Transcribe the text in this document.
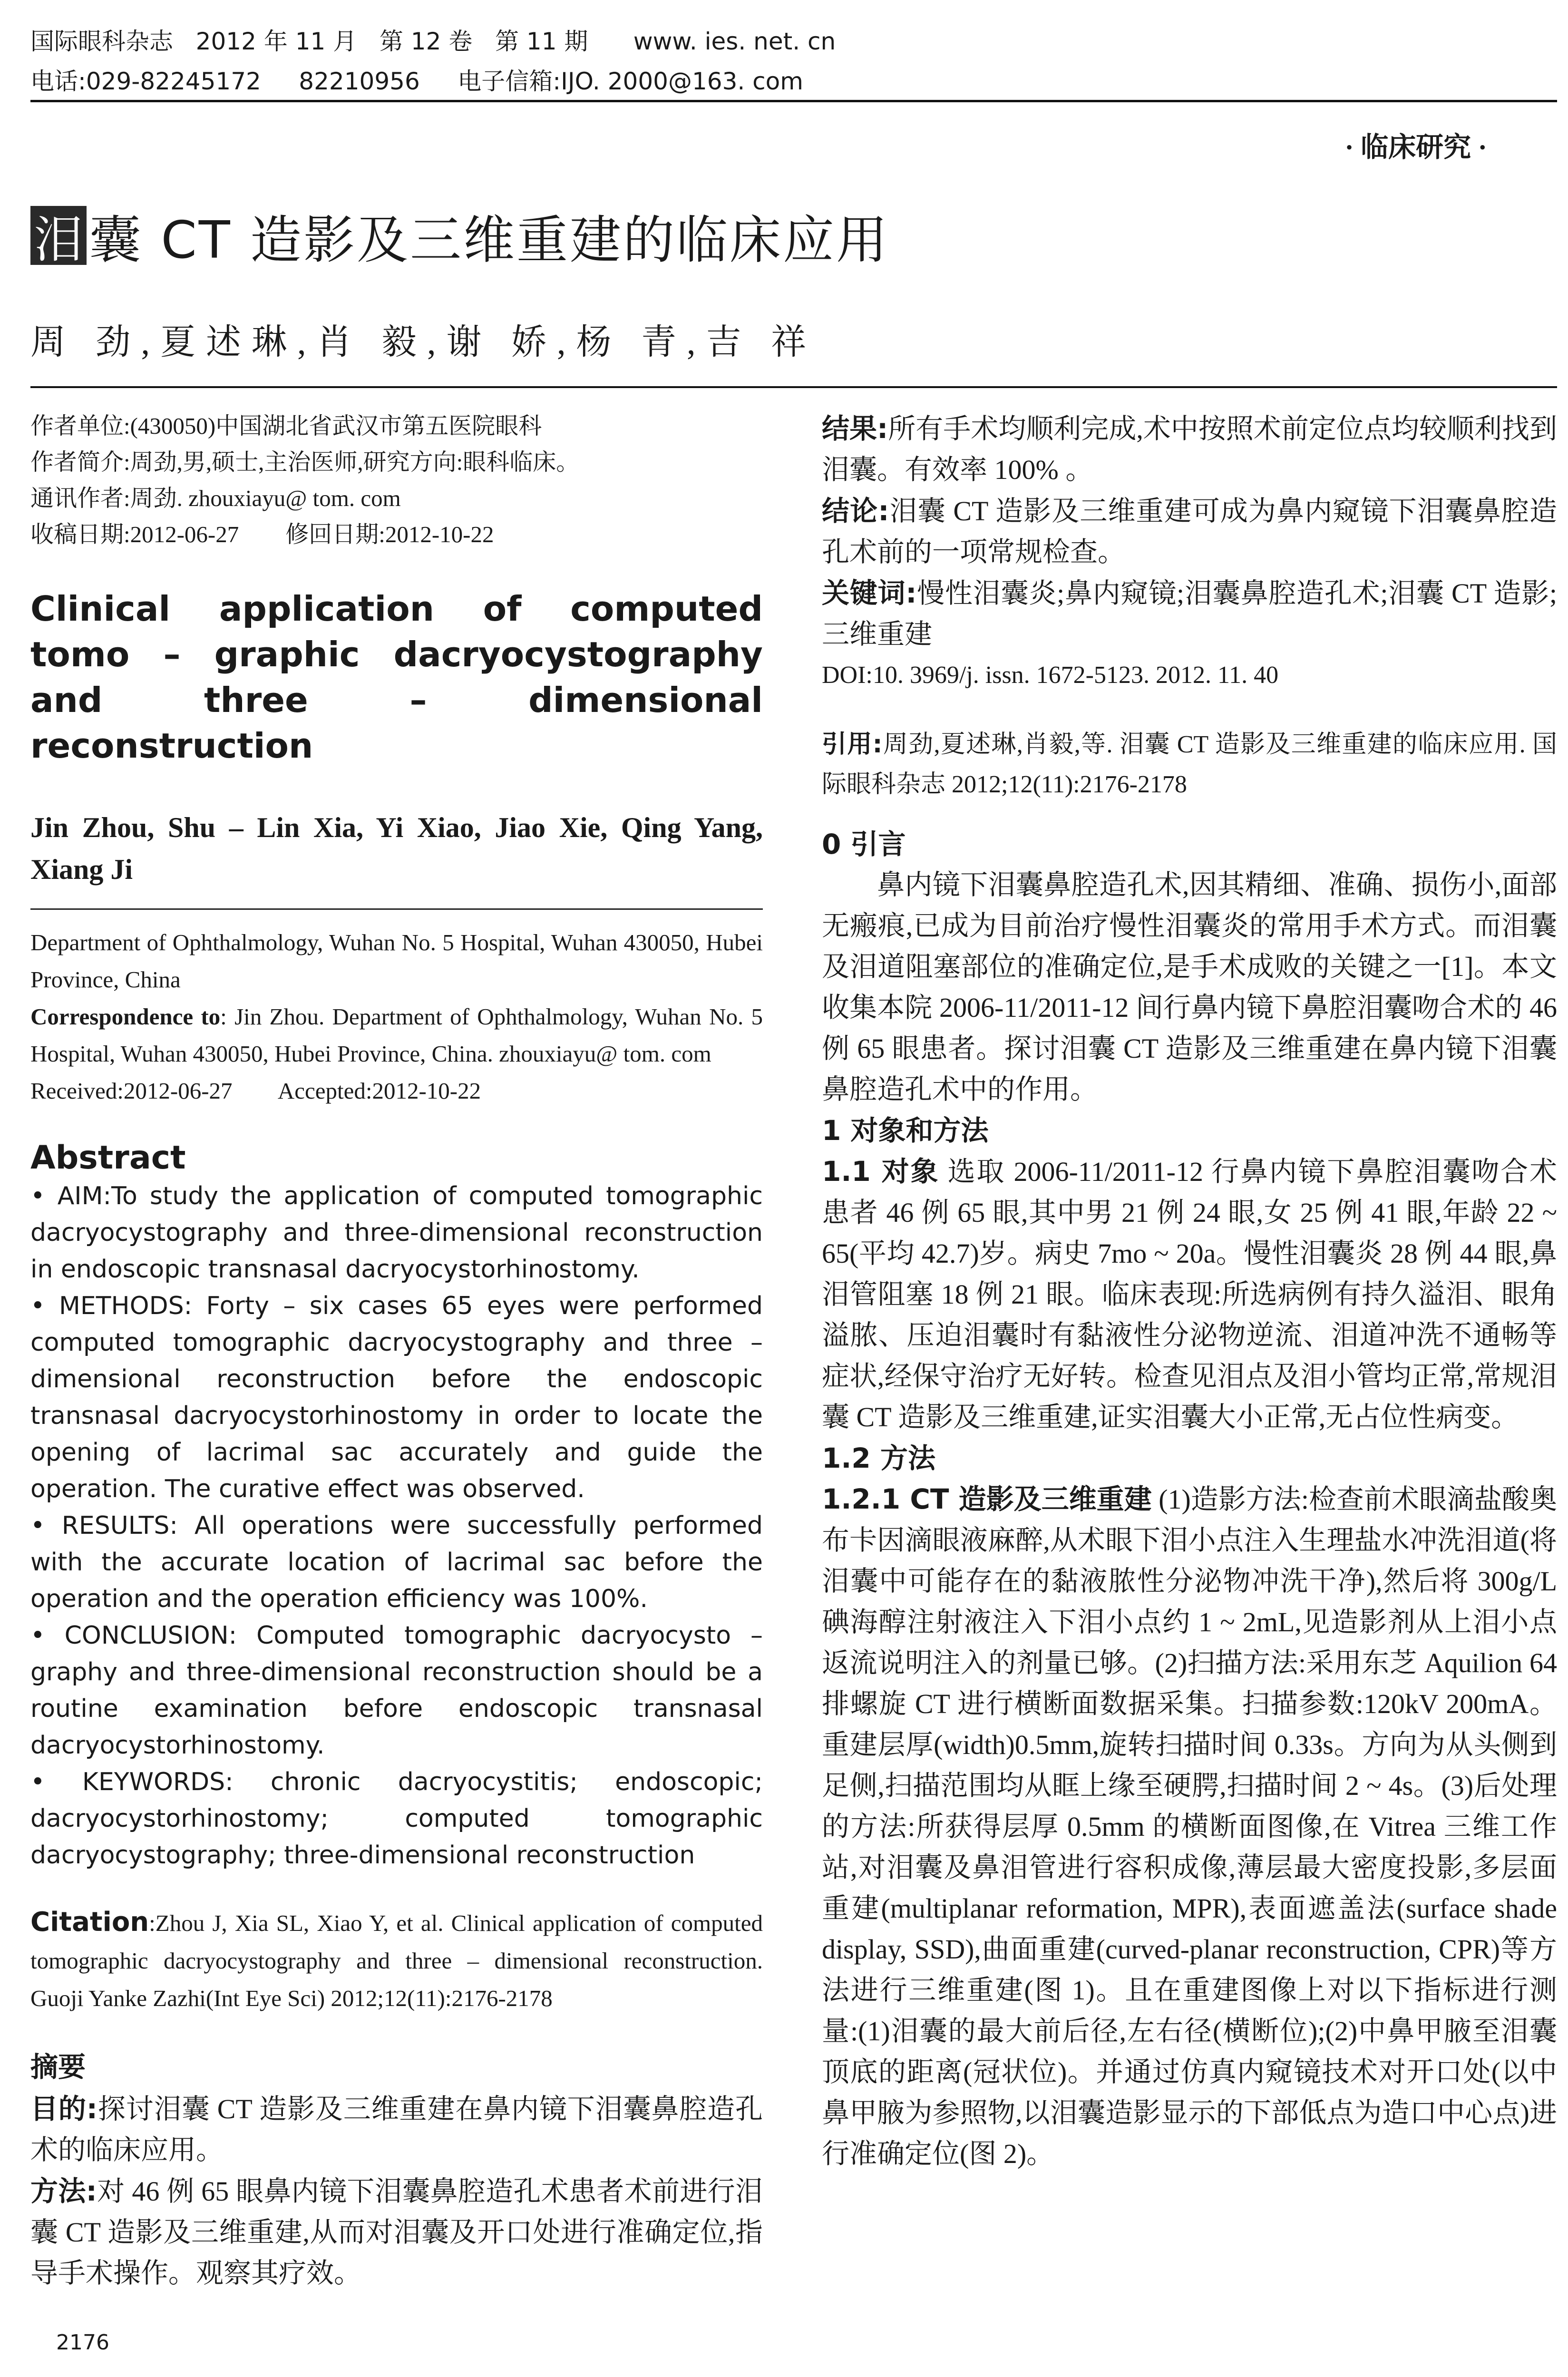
国际眼科杂志   2012 年 11 月   第 12 卷   第 11 期      www. ies. net. cn
电话:029-82245172     82210956     电子信箱:IJO. 2000@163. com
· 临床研究 ·
泪 囊 CT 造影及三维重建的临床应用
周 劲,夏述琳,肖 毅,谢 娇,杨 青,吉 祥
作者单位:(430050)中国湖北省武汉市第五医院眼科
作者简介:周劲,男,硕士,主治医师,研究方向:眼科临床。
通讯作者:周劲. zhouxiayu@ tom. com
收稿日期:2012-06-27        修回日期:2012-10-22
Clinical application of computed tomo – graphic dacryocystography and three – dimensional reconstruction
Jin Zhou, Shu – Lin Xia, Yi Xiao, Jiao Xie, Qing Yang, Xiang Ji
Department of Ophthalmology, Wuhan No. 5 Hospital, Wuhan 430050, Hubei Province, China
Correspondence to: Jin Zhou. Department of Ophthalmology, Wuhan No. 5 Hospital, Wuhan 430050, Hubei Province, China. zhouxiayu@ tom. com
Received:2012-06-27        Accepted:2012-10-22
Abstract

• AIM:To study the application of computed tomographic dacryocystography and three-dimensional reconstruction in endoscopic transnasal dacryocystorhinostomy.

• METHODS: Forty – six cases 65 eyes were performed computed tomographic dacryocystography and three – dimensional reconstruction before the endoscopic transnasal dacryocystorhinostomy in order to locate the opening of lacrimal sac accurately and guide the operation. The curative effect was observed.

• RESULTS: All operations were successfully performed with the accurate location of lacrimal sac before the operation and the operation efficiency was 100%.

• CONCLUSION: Computed tomographic dacryocysto – graphy and three-dimensional reconstruction should be a routine examination before endoscopic transnasal dacryocystorhinostomy.

• KEYWORDS: chronic dacryocystitis; endoscopic; dacryocystorhinostomy; computed tomographic dacryocystography; three-dimensional reconstruction

Citation:Zhou J, Xia SL, Xiao Y, et al. Clinical application of computed tomographic dacryocystography and three – dimensional reconstruction. Guoji Yanke Zazhi(Int Eye Sci) 2012;12(11):2176-2178
摘要

目的:探讨泪囊 CT 造影及三维重建在鼻内镜下泪囊鼻腔造孔术的临床应用。

方法:对 46 例 65 眼鼻内镜下泪囊鼻腔造孔术患者术前进行泪囊 CT 造影及三维重建,从而对泪囊及开口处进行准确定位,指导手术操作。观察其疗效。

结果:所有手术均顺利完成,术中按照术前定位点均较顺利找到泪囊。有效率 100% 。

结论:泪囊 CT 造影及三维重建可成为鼻内窥镜下泪囊鼻腔造孔术前的一项常规检查。

关键词:慢性泪囊炎;鼻内窥镜;泪囊鼻腔造孔术;泪囊 CT 造影;三维重建

DOI:10. 3969/j. issn. 1672-5123. 2012. 11. 40
引用:周劲,夏述琳,肖毅,等. 泪囊 CT 造影及三维重建的临床应用. 国际眼科杂志 2012;12(11):2176-2178
0 引言

鼻内镜下泪囊鼻腔造孔术,因其精细、准确、损伤小,面部无瘢痕,已成为目前治疗慢性泪囊炎的常用手术方式。而泪囊及泪道阻塞部位的准确定位,是手术成败的关键之一[1]。本文收集本院 2006-11/2011-12 间行鼻内镜下鼻腔泪囊吻合术的 46 例 65 眼患者。探讨泪囊 CT 造影及三维重建在鼻内镜下泪囊鼻腔造孔术中的作用。

1 对象和方法

1.1 对象 选取 2006-11/2011-12 行鼻内镜下鼻腔泪囊吻合术患者 46 例 65 眼,其中男 21 例 24 眼,女 25 例 41 眼,年龄 22 ~ 65(平均 42.7)岁。病史 7mo ~ 20a。慢性泪囊炎 28 例 44 眼,鼻泪管阻塞 18 例 21 眼。临床表现:所选病例有持久溢泪、眼角溢脓、压迫泪囊时有黏液性分泌物逆流、泪道冲洗不通畅等症状,经保守治疗无好转。检查见泪点及泪小管均正常,常规泪囊 CT 造影及三维重建,证实泪囊大小正常,无占位性病变。

1.2 方法

1.2.1 CT 造影及三维重建 (1)造影方法:检查前术眼滴盐酸奥布卡因滴眼液麻醉,从术眼下泪小点注入生理盐水冲洗泪道(将泪囊中可能存在的黏液脓性分泌物冲洗干净),然后将 300g/L 碘海醇注射液注入下泪小点约 1 ~ 2mL,见造影剂从上泪小点返流说明注入的剂量已够。(2)扫描方法:采用东芝 Aquilion 64 排螺旋 CT 进行横断面数据采集。扫描参数:120kV 200mA。重建层厚(width)0.5mm,旋转扫描时间 0.33s。方向为从头侧到足侧,扫描范围均从眶上缘至硬腭,扫描时间 2 ~ 4s。(3)后处理的方法:所获得层厚 0.5mm 的横断面图像,在 Vitrea 三维工作站,对泪囊及鼻泪管进行容积成像,薄层最大密度投影,多层面重建(multiplanar reformation, MPR),表面遮盖法(surface shade display, SSD),曲面重建(curved-planar reconstruction, CPR)等方法进行三维重建(图 1)。且在重建图像上对以下指标进行测量:(1)泪囊的最大前后径,左右径(横断位);(2)中鼻甲腋至泪囊顶底的距离(冠状位)。并通过仿真内窥镜技术对开口处(以中鼻甲腋为参照物,以泪囊造影显示的下部低点为造口中心点)进行准确定位(图 2)。

2176
